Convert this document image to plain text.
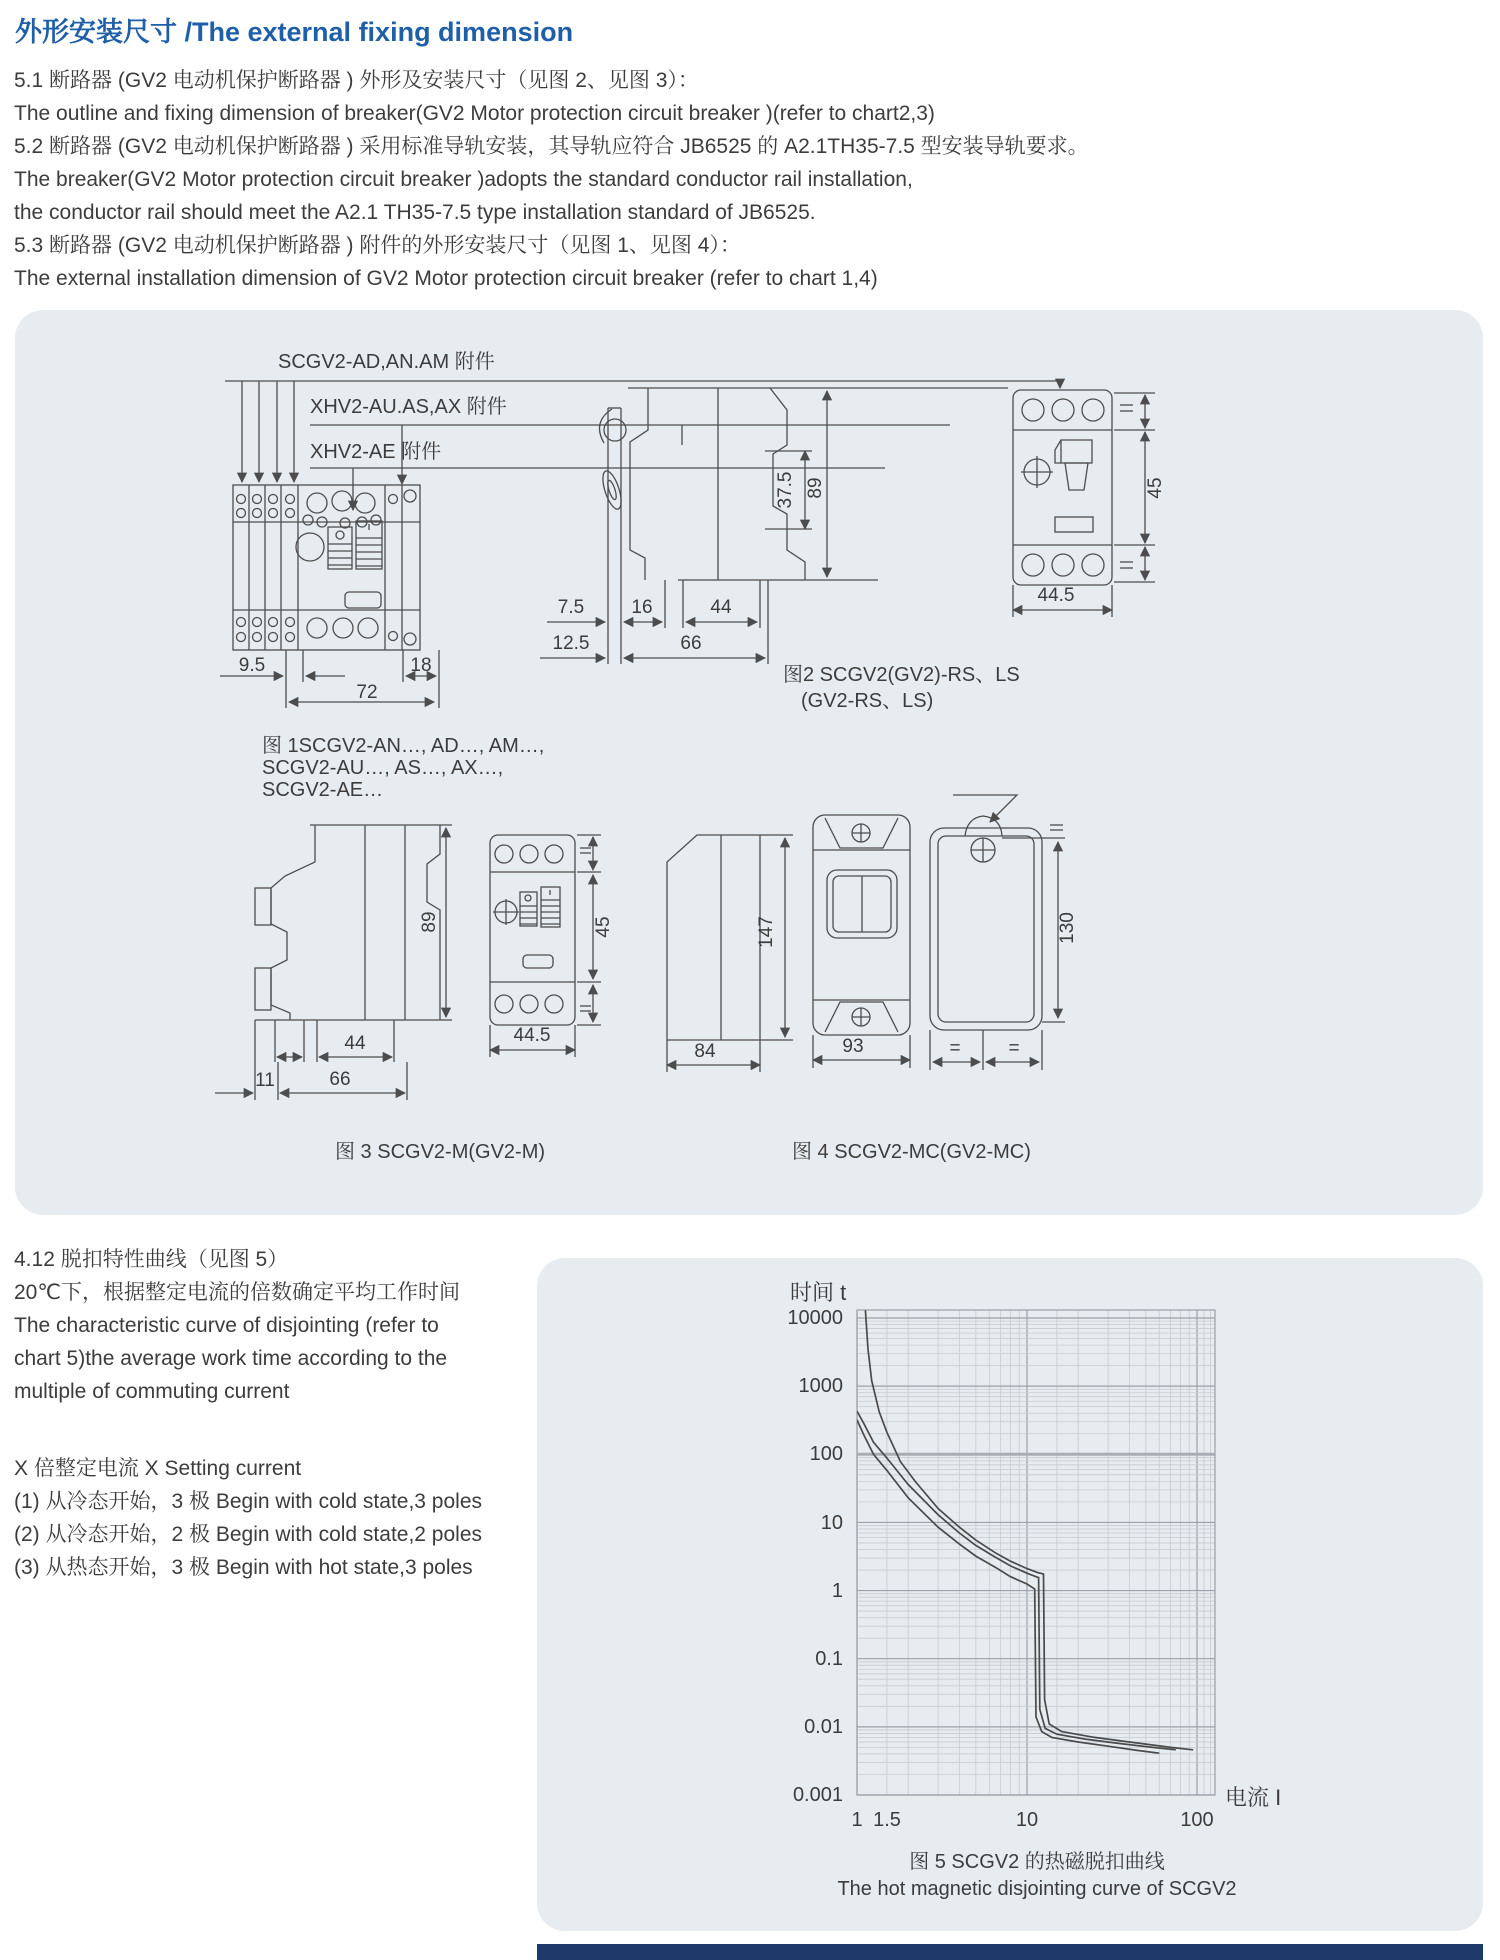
外形安装尺寸 /The external fixing dimension
5.1 断路器 (GV2 电动机保护断路器 ) 外形及安装尺寸（见图 2、见图 3）：
The outline and fixing dimension of breaker(GV2 Motor protection circuit breaker )(refer to chart2,3)
5.2 断路器 (GV2 电动机保护断路器 ) 采用标准导轨安装，其导轨应符合 JB6525 的 A2.1TH35-7.5 型安装导轨要求。
The breaker(GV2 Motor protection circuit breaker )adopts the standard conductor rail installation,
the conductor rail should meet the A2.1 TH35-7.5 type installation standard of JB6525.
5.3 断路器 (GV2 电动机保护断路器 ) 附件的外形安装尺寸（见图 1、见图 4）：
The external installation dimension of GV2 Motor protection circuit breaker (refer to chart 1,4)
SCGV2-AD,AN.AM 附件
XHV2-AU.AS,AX 附件
XHV2-AE 附件
9.5	18
72
图 1SCGV2-AN…, AD…, AM…,
SCGV2-AU…, AS…, AX…,
SCGV2-AE…
37.5 89
7.5 16	44
12.5	66
45
44.5
图2 SCGV2(GV2)-RS、LS
(GV2-RS、LS)
89
44
11	66
45
44.5
图 3 SCGV2-M(GV2-M)
147
84	93
130
=	=
图 4 SCGV2-MC(GV2-MC)
4.12 脱扣特性曲线（见图 5）
20℃下，根据整定电流的倍数确定平均工作时间
The characteristic curve of disjointing (refer to
chart 5)the average work time according to the
multiple of commuting current
X 倍整定电流 X Setting current
(1) 从冷态开始，3 极 Begin with cold state,3 poles
(2) 从冷态开始，2 极 Begin with cold state,2 poles
(3) 从热态开始，3 极 Begin with hot state,3 poles
时间 t
10000
1000
100
10
1
0.1
0.01
0.001
1 1.5	10	100
电流 I
图 5 SCGV2 的热磁脱扣曲线
The hot magnetic disjointing curve of SCGV2
